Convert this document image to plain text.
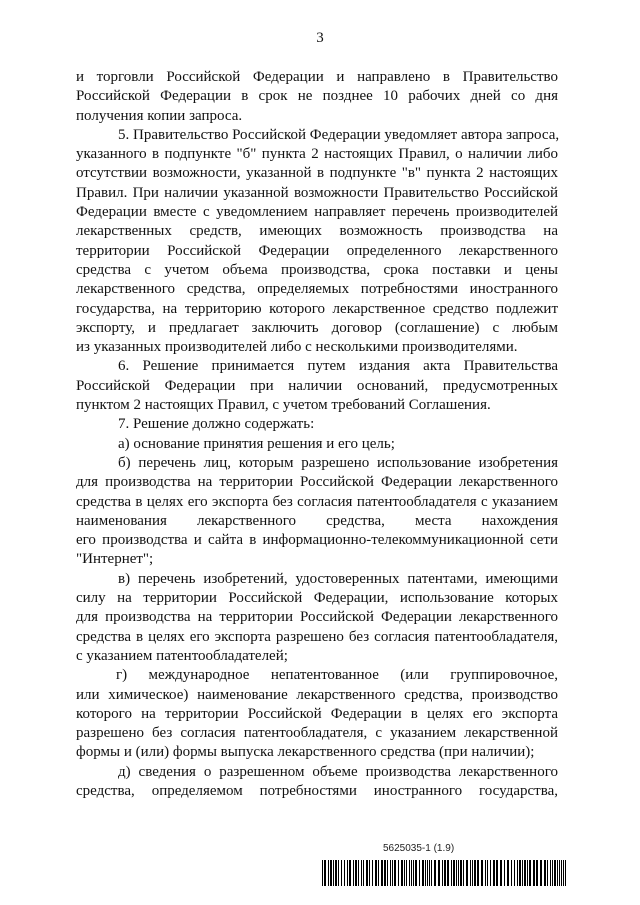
3
и торговли Российской Федерации и направлено в Правительство
Российской Федерации в срок не позднее 10 рабочих дней со дня
получения копии запроса.
5. Правительство Российской Федерации уведомляет автора запроса,
указанного в подпункте "б" пункта 2 настоящих Правил, о наличии либо
отсутствии возможности, указанной в подпункте "в" пункта 2 настоящих
Правил. При наличии указанной возможности Правительство Российской
Федерации вместе с уведомлением направляет перечень производителей
лекарственных средств, имеющих возможность производства на
территории Российской Федерации определенного лекарственного
средства с учетом объема производства, срока поставки и цены
лекарственного средства, определяемых потребностями иностранного
государства, на территорию которого лекарственное средство подлежит
экспорту, и предлагает заключить договор (соглашение) с любым
из указанных производителей либо с несколькими производителями.
6. Решение принимается путем издания акта Правительства
Российской Федерации при наличии оснований, предусмотренных
пунктом 2 настоящих Правил, с учетом требований Соглашения.
7. Решение должно содержать:
а) основание принятия решения и его цель;
б) перечень лиц, которым разрешено использование изобретения
для производства на территории Российской Федерации лекарственного
средства в целях его экспорта без согласия патентообладателя с указанием
наименования лекарственного средства, места нахождения
его производства и сайта в информационно-телекоммуникационной сети
"Интернет";
в) перечень изобретений, удостоверенных патентами, имеющими
силу на территории Российской Федерации, использование которых
для производства на территории Российской Федерации лекарственного
средства в целях его экспорта разрешено без согласия патентообладателя,
с указанием патентообладателей;
г) международное непатентованное (или группировочное,
или химическое) наименование лекарственного средства, производство
которого на территории Российской Федерации в целях его экспорта
разрешено без согласия патентообладателя, с указанием лекарственной
формы и (или) формы выпуска лекарственного средства (при наличии);
д) сведения о разрешенном объеме производства лекарственного
средства, определяемом потребностями иностранного государства,
5625035-1 (1.9)
